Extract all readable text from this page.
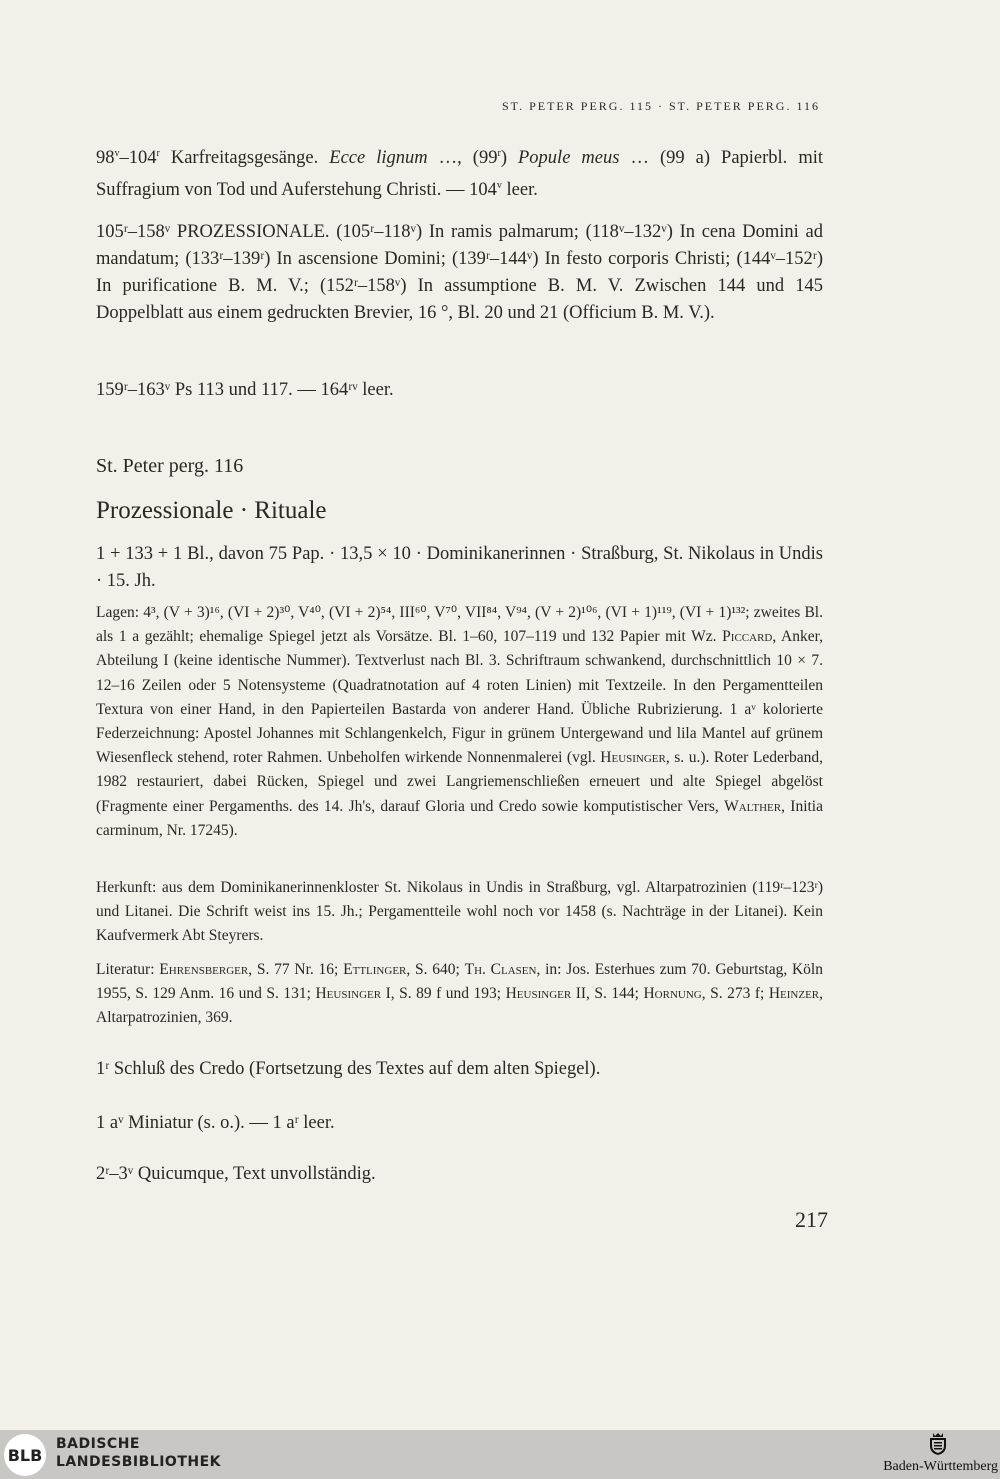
ST. PETER PERG. 115 · ST. PETER PERG. 116

98$^v$–104$^r$ Karfreitagsgesänge. Ecce lignum …, (99$^r$) Popule meus … (99 a) Papierbl. mit Suffragium von Tod und Auferstehung Christi. — 104$^v$ leer.

105ʳ–158ᵛ PROZESSIONALE. (105ʳ–118ᵛ) In ramis palmarum; (118ᵛ–132ᵛ) In cena Domini ad mandatum; (133ʳ–139ʳ) In ascensione Domini; (139ʳ–144ᵛ) In festo corporis Christi; (144ᵛ–152ʳ) In purificatione B. M. V.; (152ʳ–158ᵛ) In assumptione B. M. V. Zwischen 144 und 145 Doppelblatt aus einem gedruckten Brevier, 16 °, Bl. 20 und 21 (Officium B. M. V.).

159ʳ–163ᵛ Ps 113 und 117. — 164ʳᵛ leer.

St. Peter perg. 116

Prozessionale · Rituale

1 + 133 + 1 Bl., davon 75 Pap. · 13,5 × 10 · Dominikanerinnen · Straßburg, St. Nikolaus in Undis · 15. Jh.

Lagen: 4³, (V + 3)¹⁶, (VI + 2)³⁰, V⁴⁰, (VI + 2)⁵⁴, III⁶⁰, V⁷⁰, VII⁸⁴, V⁹⁴, (V + 2)¹⁰⁶, (VI + 1)¹¹⁹, (VI + 1)¹³²; zweites Bl. als 1 a gezählt; ehemalige Spiegel jetzt als Vorsätze. Bl. 1–60, 107–119 und 132 Papier mit Wz. Piccard, Anker, Abteilung I (keine identische Nummer). Textverlust nach Bl. 3. Schriftraum schwankend, durchschnittlich 10 × 7. 12–16 Zeilen oder 5 Notensysteme (Quadratnotation auf 4 roten Linien) mit Textzeile. In den Pergamentteilen Textura von einer Hand, in den Papierteilen Bastarda von anderer Hand. Übliche Rubrizierung. 1 aᵛ kolorierte Federzeichnung: Apostel Johannes mit Schlangenkelch, Figur in grünem Untergewand und lila Mantel auf grünem Wiesenfleck stehend, roter Rahmen. Unbeholfen wirkende Nonnenmalerei (vgl. Heusinger, s. u.). Roter Lederband, 1982 restauriert, dabei Rücken, Spiegel und zwei Langriemenschließen erneuert und alte Spiegel abgelöst (Fragmente einer Pergamenths. des 14. Jh's, darauf Gloria und Credo sowie komputistischer Vers, Walther, Initia carminum, Nr. 17245).

Herkunft: aus dem Dominikanerinnenkloster St. Nikolaus in Undis in Straßburg, vgl. Altarpatrozinien (119ʳ–123ʳ) und Litanei. Die Schrift weist ins 15. Jh.; Pergamentteile wohl noch vor 1458 (s. Nachträge in der Litanei). Kein Kaufvermerk Abt Steyrers.

Literatur: Ehrensberger, S. 77 Nr. 16; Ettlinger, S. 640; Th. Clasen, in: Jos. Esterhues zum 70. Geburtstag, Köln 1955, S. 129 Anm. 16 und S. 131; Heusinger I, S. 89 f und 193; Heusinger II, S. 144; Hornung, S. 273 f; Heinzer, Altarpatrozinien, 369.

1ʳ Schluß des Credo (Fortsetzung des Textes auf dem alten Spiegel).

1 aᵛ Miniatur (s. o.). — 1 aʳ leer.

2ʳ–3ᵛ Quicumque, Text unvollständig.

217
BLB
BADISCHE
LANDESBIBLIOTHEK	Baden-Württemberg
